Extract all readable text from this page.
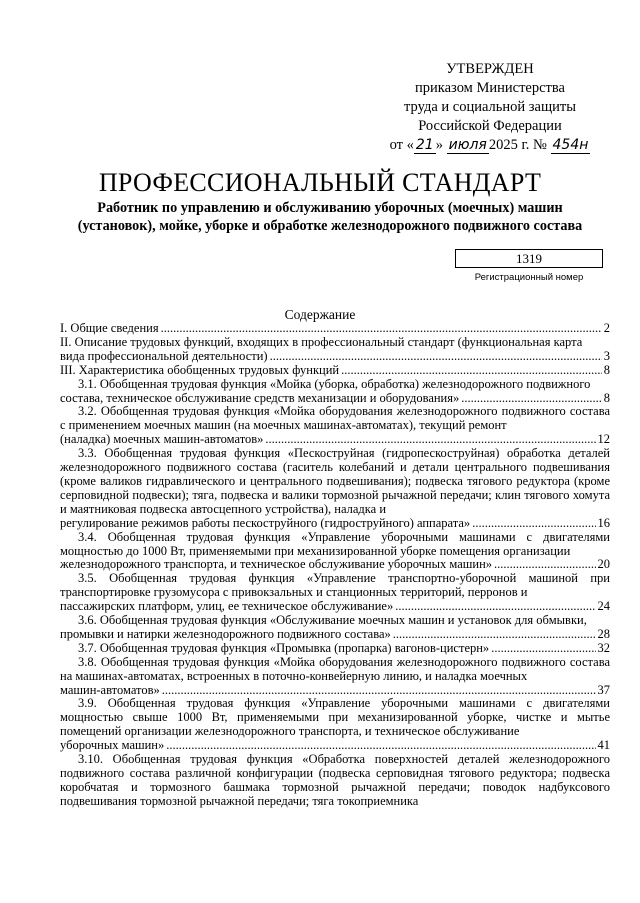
УТВЕРЖДЕН
приказом Министерства
труда и социальной защиты
Российской Федерации
от « 21 » июля 2025 г. № 454н
ПРОФЕССИОНАЛЬНЫЙ СТАНДАРТ
Работник по управлению и обслуживанию уборочных (моечных) машин (установок), мойке, уборке и обработке железнодорожного подвижного состава
1319
Регистрационный номер
Содержание
I. Общие сведения .....	2
II. Описание трудовых функций, входящих в профессиональный стандарт (функциональная карта
вида профессиональной деятельности) .....	3
III. Характеристика обобщенных трудовых функций .....	8
3.1. Обобщенная трудовая функция «Мойка (уборка, обработка) железнодорожного подвижного
состава, техническое обслуживание средств механизации и оборудования» .....	8
3.2. Обобщенная трудовая функция «Мойка оборудования железнодорожного подвижного состава с применением моечных машин (на моечных машинах-автоматах), текущий ремонт
(наладка) моечных машин-автоматов» .....	12
3.3. Обобщенная трудовая функция «Пескоструйная (гидропескоструйная) обработка деталей железнодорожного подвижного состава (гаситель колебаний и детали центрального подвешивания (кроме валиков гидравлического и центрального подвешивания); подвеска тягового редуктора (кроме серповидной подвески); тяга, подвеска и валики тормозной рычажной передачи; клин тягового хомута и маятниковая подвеска автосцепного устройства), наладка и
регулирование режимов работы пескоструйного (гидроструйного) аппарата» .....	16
3.4. Обобщенная трудовая функция «Управление уборочными машинами с двигателями мощностью до 1000 Вт, применяемыми при механизированной уборке помещения организации
железнодорожного транспорта, и техническое обслуживание уборочных машин» .....	20
3.5. Обобщенная трудовая функция «Управление транспортно-уборочной машиной при транспортировке грузомусора с привокзальных и станционных территорий, перронов и
пассажирских платформ, улиц, ее техническое обслуживание» .....	24
3.6. Обобщенная трудовая функция «Обслуживание моечных машин и установок для обмывки,
промывки и натирки железнодорожного подвижного состава» .....	28
3.7. Обобщенная трудовая функция «Промывка (пропарка) вагонов-цистерн» .....	32
3.8. Обобщенная трудовая функция «Мойка оборудования железнодорожного подвижного состава на машинах-автоматах, встроенных в поточно-конвейерную линию, и наладка моечных
машин-автоматов» .....	37
3.9. Обобщенная трудовая функция «Управление уборочными машинами с двигателями мощностью свыше 1000 Вт, применяемыми при механизированной уборке, чистке и мытье помещений организации железнодорожного транспорта, и техническое обслуживание
уборочных машин» .....	41
3.10. Обобщенная трудовая функция «Обработка поверхностей деталей железнодорожного подвижного состава различной конфигурации (подвеска серповидная тягового редуктора; подвеска коробчатая и тормозного башмака тормозной рычажной передачи; поводок надбуксового подвешивания тормозной рычажной передачи; тяга токоприемника
